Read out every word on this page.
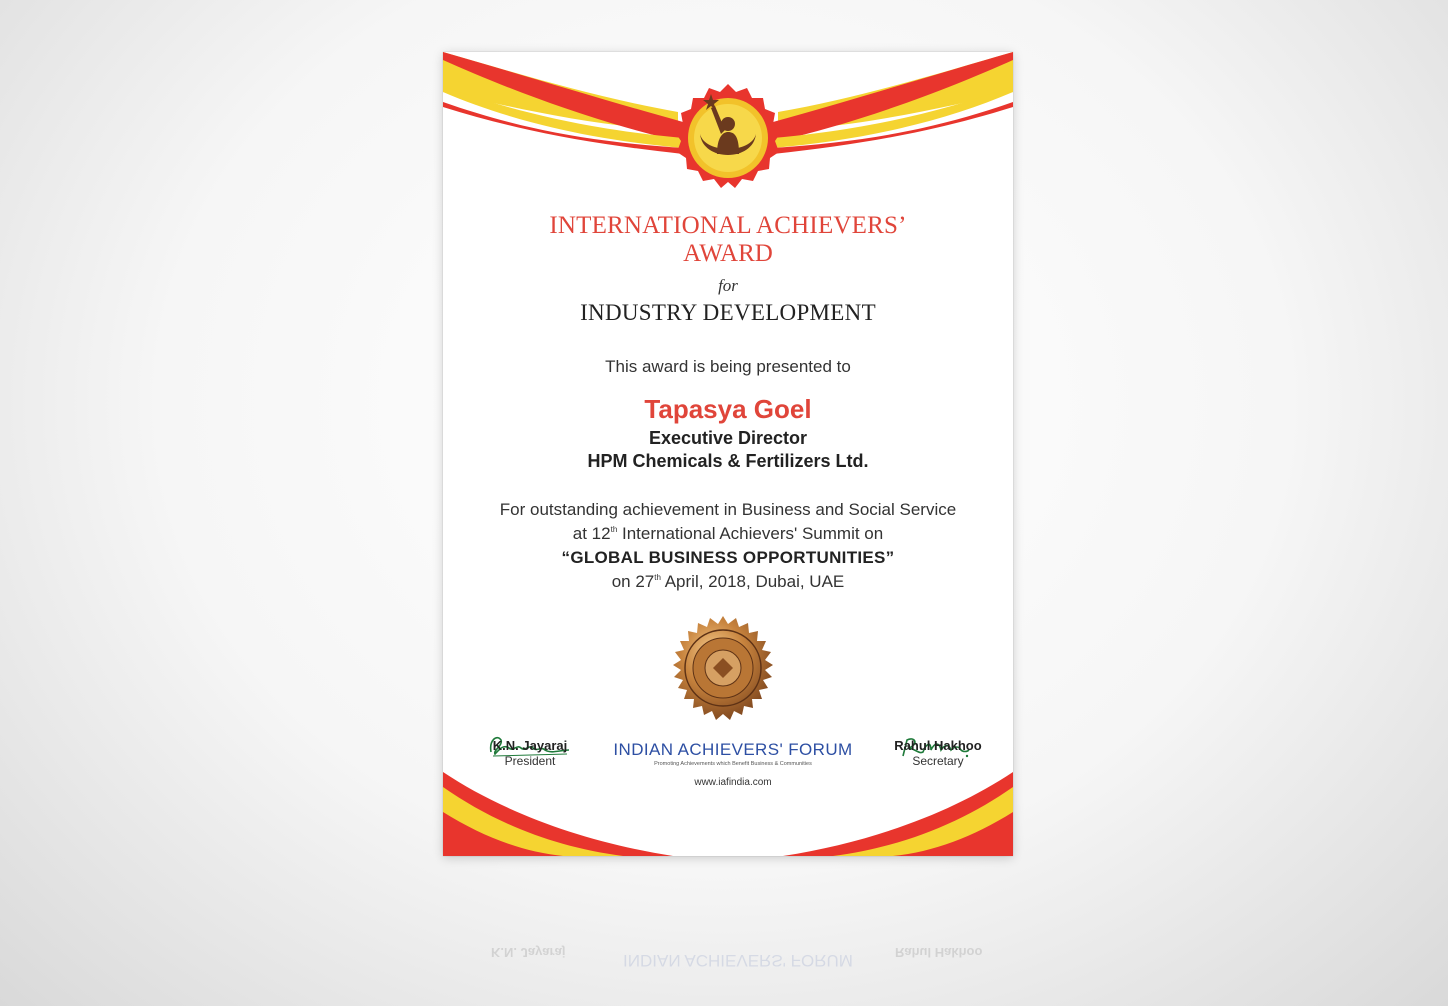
INTERNATIONAL ACHIEVERS’
AWARD
for
INDUSTRY DEVELOPMENT
This award is being presented to
Tapasya Goel
Executive Director
HPM Chemicals & Fertilizers Ltd.
For outstanding achievement in Business and Social Service
at 12th International Achievers' Summit on
“GLOBAL BUSINESS OPPORTUNITIES”
on 27th April, 2018, Dubai, UAE
K.N. Jayaraj
President
INDIAN ACHIEVERS' FORUM
Promoting Achievements which Benefit Business & Communities
www.iafindia.com
Rahul Hakhoo
Secretary
INDIAN ACHIEVERS' FORUM
K.N. Jayaraj	Rahul Hakhoo
